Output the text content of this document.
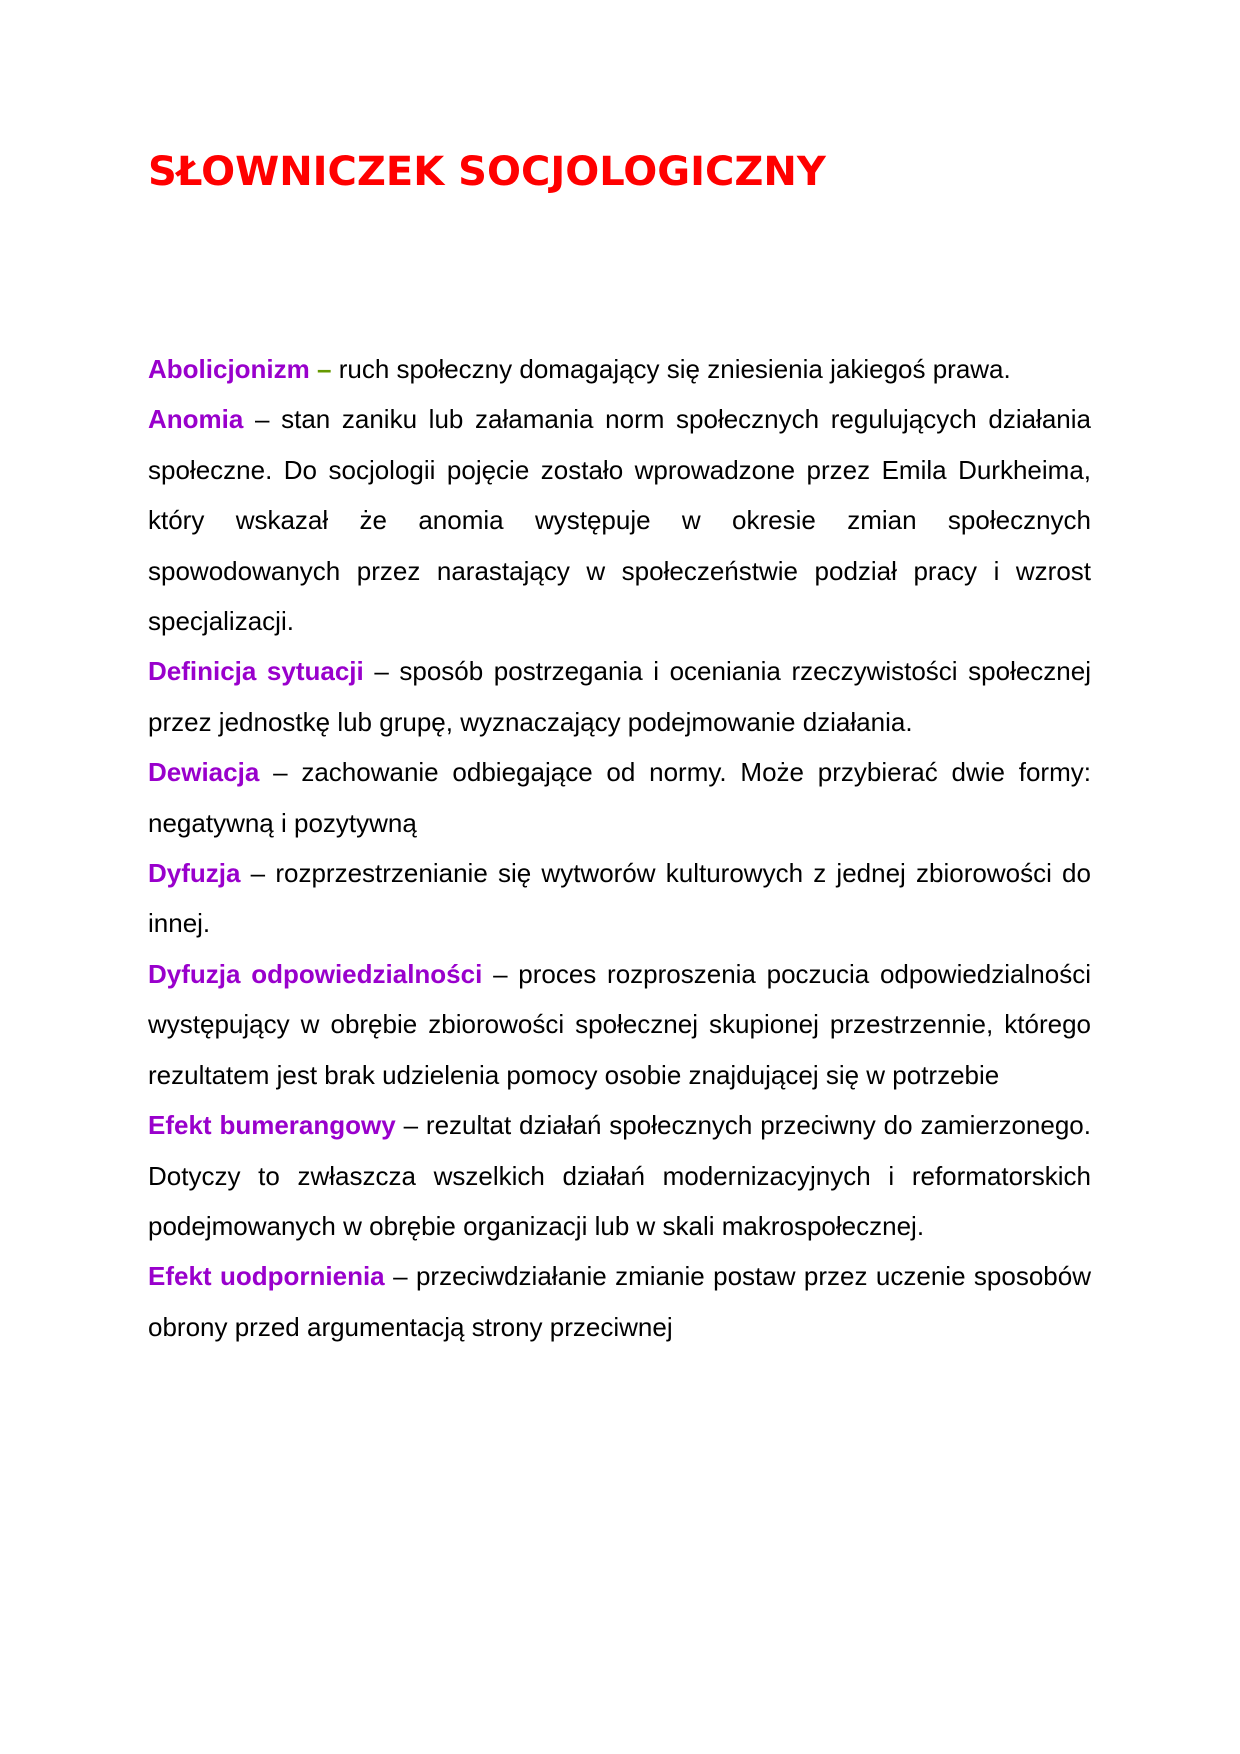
SŁOWNICZEK SOCJOLOGICZNY

Abolicjonizm – ruch społeczny domagający się zniesienia jakiegoś prawa.

Anomia – stan zaniku lub załamania norm społecznych regulujących działania społeczne. Do socjologii pojęcie zostało wprowadzone przez Emila Durkheima, który wskazał że anomia występuje w okresie zmian społecznych spowodowanych przez narastający w społeczeństwie podział pracy i wzrost specjalizacji.

Definicja sytuacji – sposób postrzegania i oceniania rzeczywistości społecznej przez jednostkę lub grupę, wyznaczający podejmowanie działania.

Dewiacja – zachowanie odbiegające od normy. Może przybierać dwie formy: negatywną i pozytywną

Dyfuzja – rozprzestrzenianie się wytworów kulturowych z jednej zbiorowości do innej.

Dyfuzja odpowiedzialności – proces rozproszenia poczucia odpowiedzialności występujący w obrębie zbiorowości społecznej skupionej przestrzennie, którego rezultatem jest brak udzielenia pomocy osobie znajdującej się w potrzebie

Efekt bumerangowy – rezultat działań społecznych przeciwny do zamierzonego. Dotyczy to zwłaszcza wszelkich działań modernizacyjnych i reformatorskich podejmowanych w obrębie organizacji lub w skali makrospołecznej.

Efekt uodpornienia – przeciwdziałanie zmianie postaw przez uczenie sposobów obrony przed argumentacją strony przeciwnej
